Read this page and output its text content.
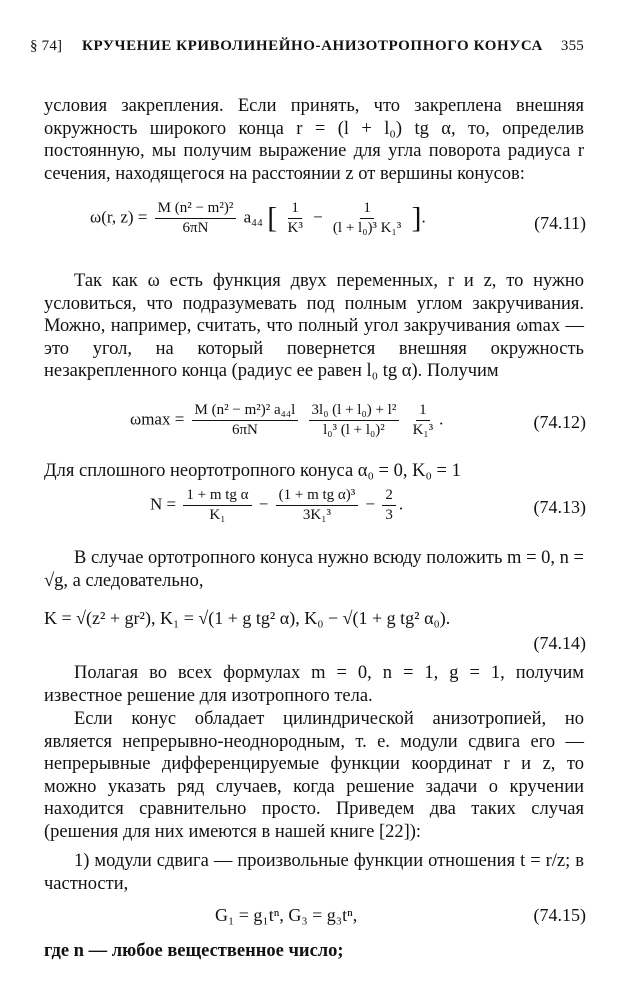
§ 74] КРУЧЕНИЕ КРИВОЛИНЕЙНО-АНИЗОТРОПНОГО КОНУСА 355
условия закрепления. Если принять, что закреплена внешняя окружность широкого конца r = (l + l₀) tg α, то, определив постоянную, мы получим выражение для угла поворота радиуса r сечения, находящегося на расстоянии z от вершины конусов:
ω(r, $z) = \frac{\text{M (n² − m²)²}}{6\pi N} a_{44}$ [ $\frac{1}{\text{K³}} - \frac{1}{\text{(l + l₀)³ K₁³}}$ ].	(74.11)
Так как ω есть функция двух переменных, r и z, то нужно условиться, что подразумевать под полным углом закручивания. Можно, например, считать, что полный угол закручивания ωmax — это угол, на который повернется внешняя окружность незакрепленного конца (радиус ее равен l₀ tg α). Получим
$\omega\max = \frac{\text{M (n² − m²)² a₄₄l}}{6\pi N}$
$\frac{\text{3l₀ (l + l₀) + l²}}{\text{l₀³ (l + l₀)²}}$
$\frac{1}{\text{K₁³}}$ .	(74.12)
Для сплошного неортотропного конуса α₀ = 0, K₀ = 1
$N = \frac{\text{1 + m tg α}}{\text{K₁}} - \frac{\text{(1 + m tg α)³}}{\text{3K₁³}} - \frac{2}{3}$ .	(74.13)
В случае ортотропного конуса нужно всюду положить m = 0, n = √g, а следовательно,
K = √(z² + gr²), K₁ = √(1 + g tg² α), K₀ − √(1 + g tg² α₀).
(74.14)
Полагая во всех формулах m = 0, n = 1, g = 1, получим известное решение для изотропного тела.
Если конус обладает цилиндрической анизотропией, но является непрерывно-неоднородным, т. е. модули сдвига его — непрерывные дифференцируемые функции координат r и z, то можно указать ряд случаев, когда решение задачи о кручении находится сравнительно просто. Приведем два таких случая (решения для них имеются в нашей книге [22]):
1) модули сдвига — произвольные функции отношения t = r/z; в частности,
G₁ = g₁tⁿ, G₃ = g₃tⁿ,	(74.15)
где n — любое вещественное число;
